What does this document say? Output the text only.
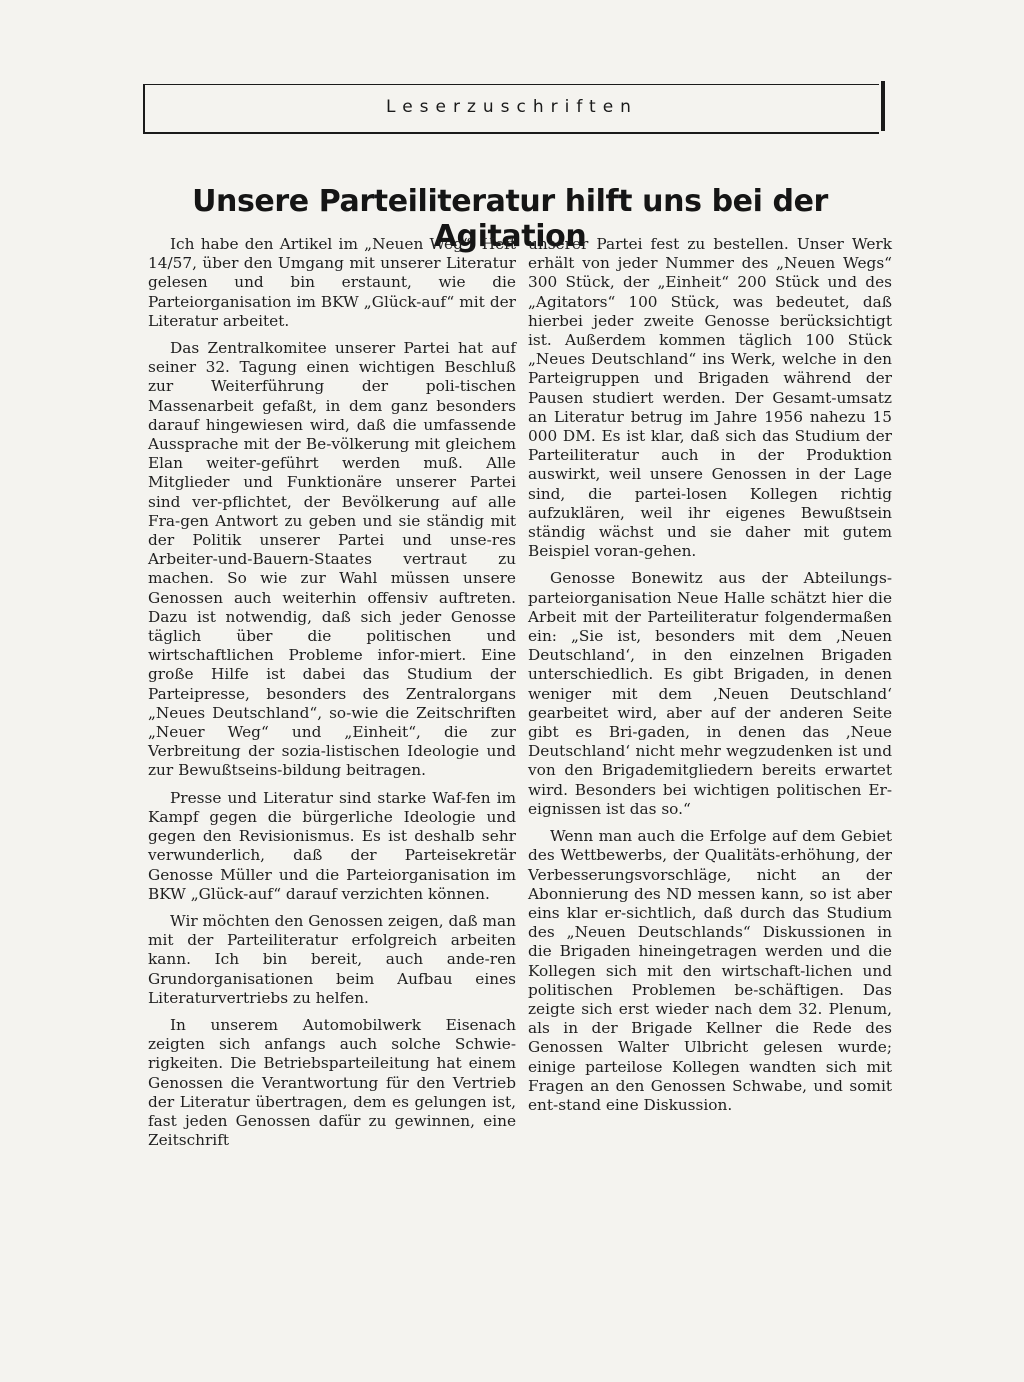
Leserzuschriften
Unsere Parteiliteratur hilft uns bei der Agitation

Ich habe den Artikel im „Neuen Weg“, Heft 14/57, über den Umgang mit unserer Literatur gelesen und bin erstaunt, wie die Parteiorganisation im BKW „Glück-auf“ mit der Literatur arbeitet.

Das Zentralkomitee unserer Partei hat auf seiner 32. Tagung einen wichtigen Beschluß zur Weiterführung der poli-tischen Massenarbeit gefaßt, in dem ganz besonders darauf hingewiesen wird, daß die umfassende Aussprache mit der Be-völkerung mit gleichem Elan weiter-geführt werden muß. Alle Mitglieder und Funktionäre unserer Partei sind ver-pflichtet, der Bevölkerung auf alle Fra-gen Antwort zu geben und sie ständig mit der Politik unserer Partei und unse-res Arbeiter-und-Bauern-Staates vertraut zu machen. So wie zur Wahl müssen unsere Genossen auch weiterhin offensiv auftreten. Dazu ist notwendig, daß sich jeder Genosse täglich über die politischen und wirtschaftlichen Probleme infor-miert. Eine große Hilfe ist dabei das Studium der Parteipresse, besonders des Zentralorgans „Neues Deutschland“, so-wie die Zeitschriften „Neuer Weg“ und „Einheit“, die zur Verbreitung der sozia-listischen Ideologie und zur Bewußtseins-bildung beitragen.

Presse und Literatur sind starke Waf-fen im Kampf gegen die bürgerliche Ideologie und gegen den Revisionismus. Es ist deshalb sehr verwunderlich, daß der Parteisekretär Genosse Müller und die Parteiorganisation im BKW „Glück-auf“ darauf verzichten können.

Wir möchten den Genossen zeigen, daß man mit der Parteiliteratur erfolgreich arbeiten kann. Ich bin bereit, auch ande-ren Grundorganisationen beim Aufbau eines Literaturvertriebs zu helfen.

In unserem Automobilwerk Eisenach zeigten sich anfangs auch solche Schwie-rigkeiten. Die Betriebsparteileitung hat einem Genossen die Verantwortung für den Vertrieb der Literatur übertragen, dem es gelungen ist, fast jeden Genossen dafür zu gewinnen, eine Zeitschrift

unserer Partei fest zu bestellen. Unser Werk erhält von jeder Nummer des „Neuen Wegs“ 300 Stück, der „Einheit“ 200 Stück und des „Agitators“ 100 Stück, was bedeutet, daß hierbei jeder zweite Genosse berücksichtigt ist. Außerdem kommen täglich 100 Stück „Neues Deutschland“ ins Werk, welche in den Parteigruppen und Brigaden während der Pausen studiert werden. Der Gesamt-umsatz an Literatur betrug im Jahre 1956 nahezu 15 000 DM. Es ist klar, daß sich das Studium der Parteiliteratur auch in der Produktion auswirkt, weil unsere Genossen in der Lage sind, die partei-losen Kollegen richtig aufzuklären, weil ihr eigenes Bewußtsein ständig wächst und sie daher mit gutem Beispiel voran-gehen.

Genosse Bonewitz aus der Abteilungs-parteiorganisation Neue Halle schätzt hier die Arbeit mit der Parteiliteratur folgendermaßen ein: „Sie ist, besonders mit dem ‚Neuen Deutschland‘, in den einzelnen Brigaden unterschiedlich. Es gibt Brigaden, in denen weniger mit dem ‚Neuen Deutschland‘ gearbeitet wird, aber auf der anderen Seite gibt es Bri-gaden, in denen das ‚Neue Deutschland‘ nicht mehr wegzudenken ist und von den Brigademitgliedern bereits erwartet wird. Besonders bei wichtigen politischen Er-eignissen ist das so.“

Wenn man auch die Erfolge auf dem Gebiet des Wettbewerbs, der Qualitäts-erhöhung, der Verbesserungsvorschläge, nicht an der Abonnierung des ND messen kann, so ist aber eins klar er-sichtlich, daß durch das Studium des „Neuen Deutschlands“ Diskussionen in die Brigaden hineingetragen werden und die Kollegen sich mit den wirtschaft-lichen und politischen Problemen be-schäftigen. Das zeigte sich erst wieder nach dem 32. Plenum, als in der Brigade Kellner die Rede des Genossen Walter Ulbricht gelesen wurde; einige parteilose Kollegen wandten sich mit Fragen an den Genossen Schwabe, und somit ent-stand eine Diskussion.
